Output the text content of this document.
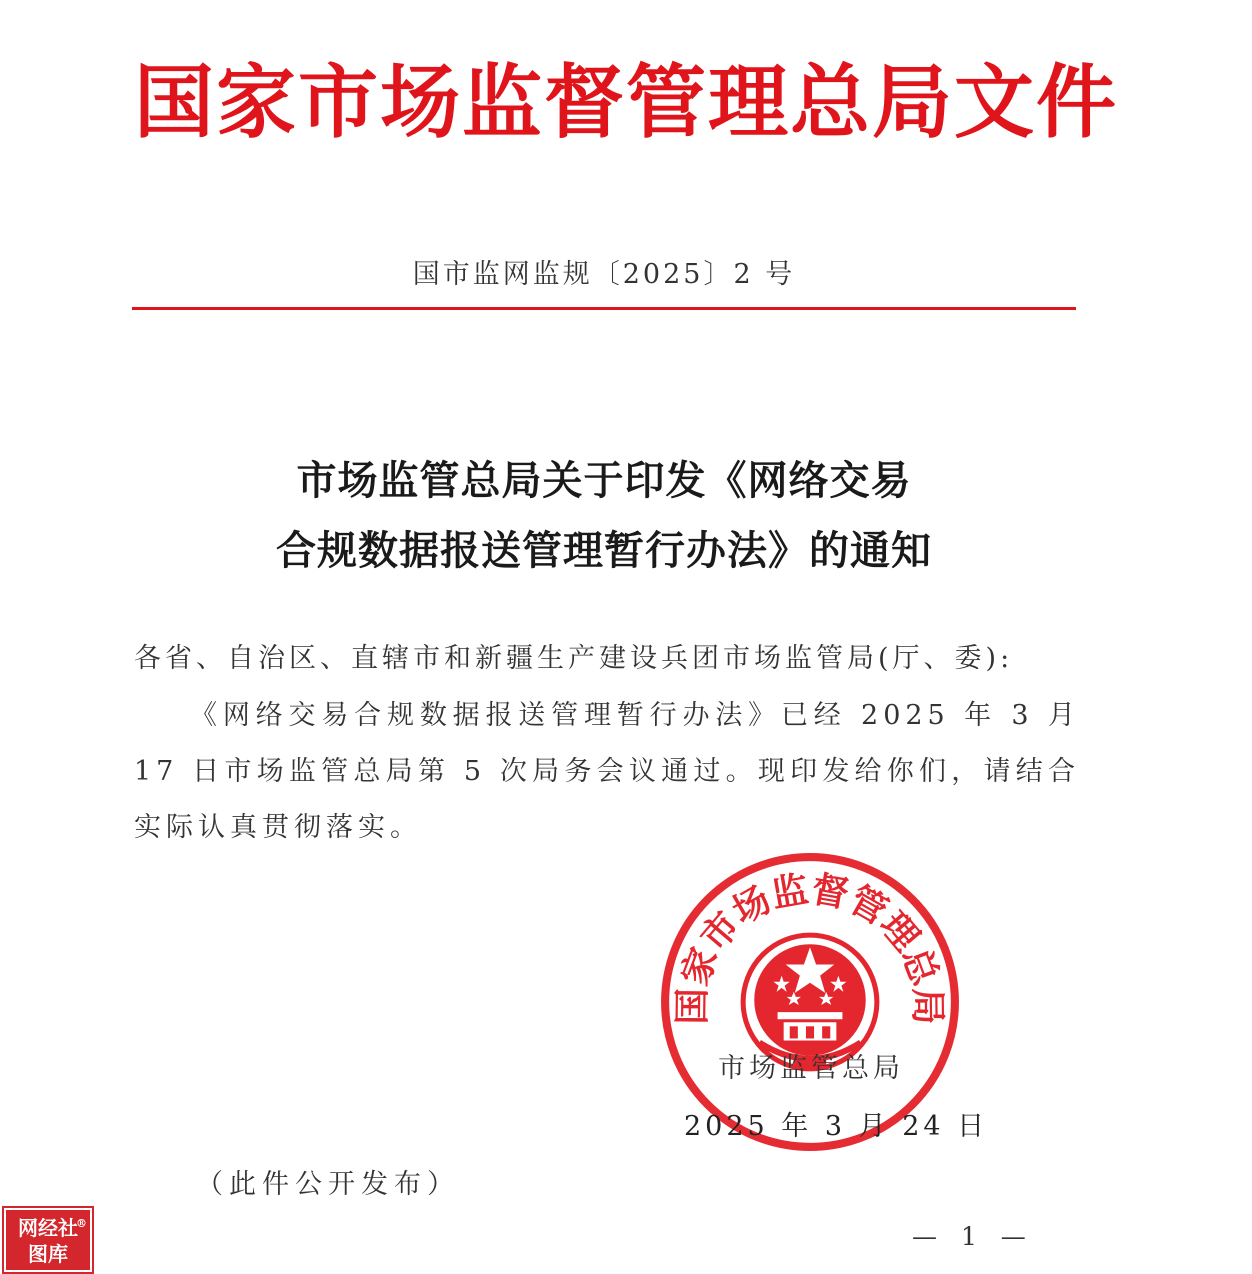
国家市场监督管理总局文件
国市监网监规〔2025〕2 号
市场监管总局关于印发《网络交易
合规数据报送管理暂行办法》的通知
各省、自治区、直辖市和新疆生产建设兵团市场监管局(厅、委):
《网络交易合规数据报送管理暂行办法》已经 2025 年 3 月 17 日市场监管总局第 5 次局务会议通过。现印发给你们，请结合实际认真贯彻落实。
国家市场监督管理总局
市场监管总局
2025 年 3 月 24 日
（此件公开发布）
— 1 —
®
网经社
图库
